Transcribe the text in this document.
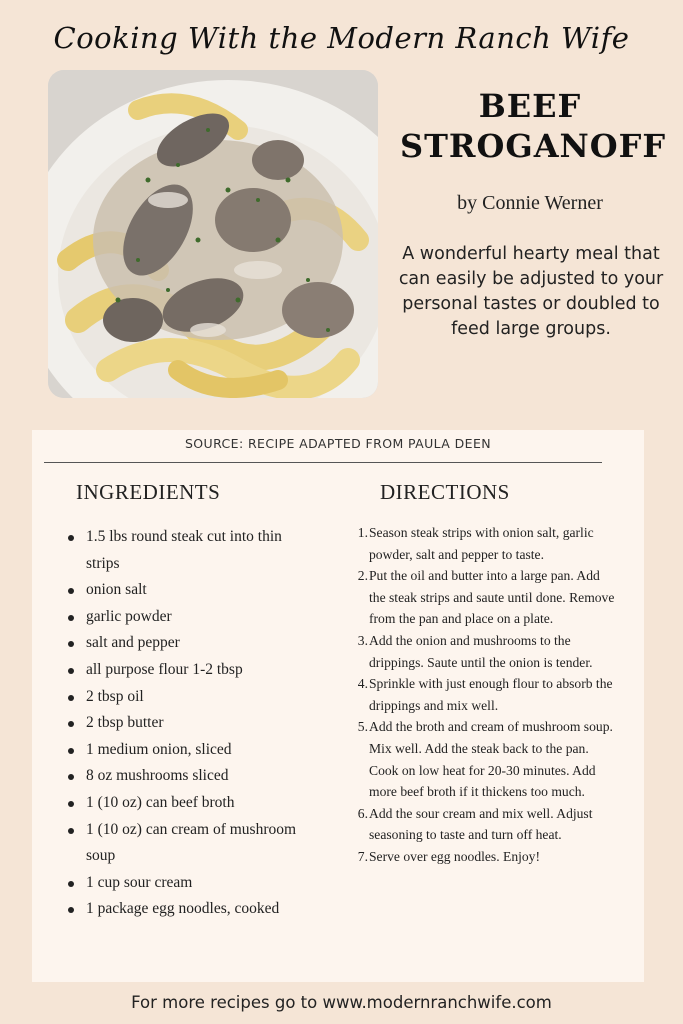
Cooking With the Modern Ranch Wife
BEEF
STROGANOFF
by Connie Werner
A wonderful hearty meal that can easily be adjusted to your personal tastes or doubled to feed large groups.
SOURCE: RECIPE ADAPTED FROM PAULA DEEN
INGREDIENTS	DIRECTIONS
1.5 lbs round steak cut into thin strips
onion salt
garlic powder
salt and pepper
all purpose flour 1-2 tbsp
2 tbsp oil
2 tbsp butter
1 medium onion, sliced
8 oz mushrooms sliced
1 (10 oz) can beef broth
1 (10 oz) can cream of mushroom soup
1 cup sour cream
1 package egg noodles, cooked
1. Season steak strips with onion salt, garlic powder, salt and pepper to taste.
2. Put the oil and butter into a large pan. Add the steak strips and saute until done. Remove from the pan and place on a plate.
3. Add the onion and mushrooms to the drippings. Saute until the onion is tender.
4. Sprinkle with just enough flour to absorb the drippings and mix well.
5. Add the broth and cream of mushroom soup. Mix well. Add the steak back to the pan. Cook on low heat for 20-30 minutes. Add more beef broth if it thickens too much.
6. Add the sour cream and mix well. Adjust seasoning to taste and turn off heat.
7. Serve over egg noodles. Enjoy!
For more recipes go to www.modernranchwife.com
